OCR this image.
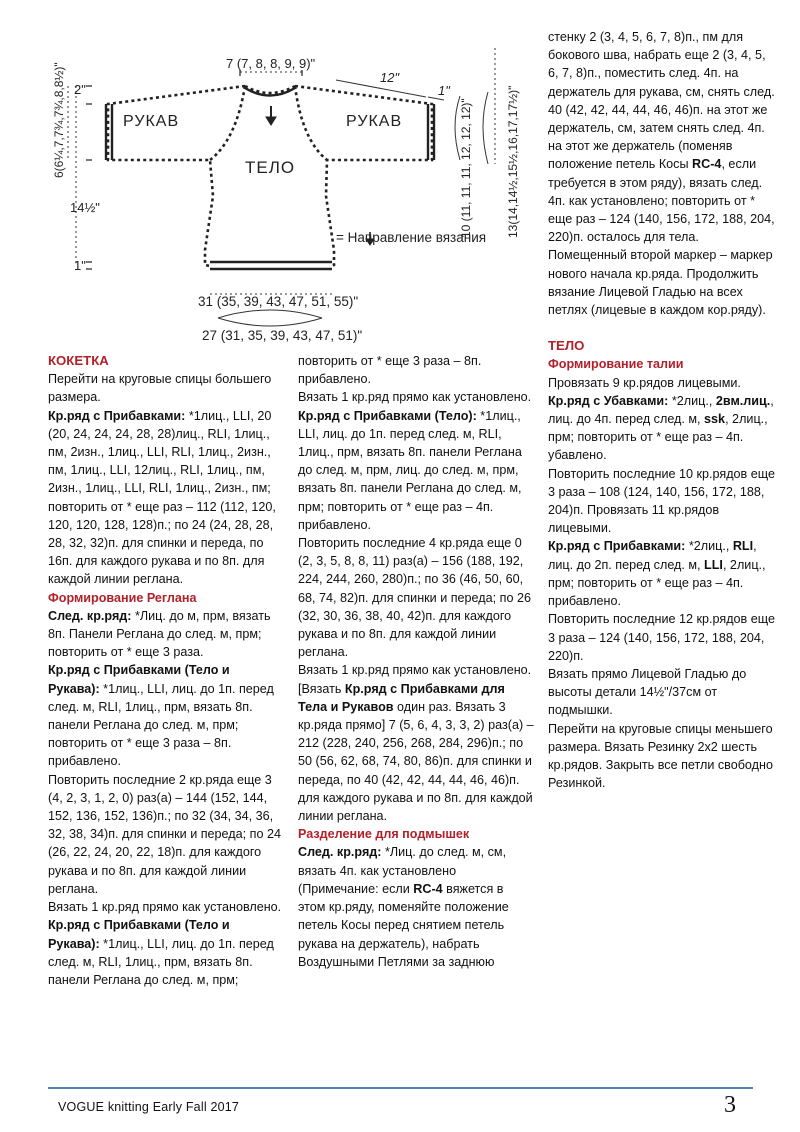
7 (7, 8, 8, 9, 9)"
12"
1"
2"
14½"
1"
6(6¼,7,7¾,7¾,8,8½)"	РУКАВ	РУКАВ
ТЕЛО	10 (11, 11, 11, 12, 12, 12)"	13(14,14½,15½,16,17,17½)"
= Направление вязания
31 (35, 39, 43, 47, 51, 55)"
27 (31, 35, 39, 43, 47, 51)"

КОКЕТКА

Перейти на круговые спицы большего размера.

Кр.ряд с Прибавками: *1лиц., LLI, 20 (20, 24, 24, 24, 28, 28)лиц., RLI, 1лиц., пм, 2изн., 1лиц., LLI, RLI, 1лиц., 2изн., пм, 1лиц., LLI, 12лиц., RLI, 1лиц., пм, 2изн., 1лиц., LLI, RLI, 1лиц., 2изн., пм; повторить от * еще раз – 112 (112, 120, 120, 120, 128, 128)п.; по 24 (24, 28, 28, 28, 32, 32)п. для спинки и переда, по 16п. для каждого рукава и по 8п. для каждой линии реглана.

Формирование Реглана

След. кр.ряд: *Лиц. до м, прм, вязать 8п. Панели Реглана до след. м, прм; повторить от * еще 3 раза.

Кр.ряд с Прибавками (Тело и Рукава): *1лиц., LLI, лиц. до 1п. перед след. м, RLI, 1лиц., прм, вязать 8п. панели Реглана до след. м, прм; повторить от * еще 3 раза – 8п. прибавлено.

Повторить последние 2 кр.ряда еще 3 (4, 2, 3, 1, 2, 0) раз(а) – 144 (152, 144, 152, 136, 152, 136)п.; по 32 (34, 34, 36, 32, 38, 34)п. для спинки и переда; по 24 (26, 22, 24, 20, 22, 18)п. для каждого рукава и по 8п. для каждой линии реглана.

Вязать 1 кр.ряд прямо как установлено.

Кр.ряд с Прибавками (Тело и Рукава): *1лиц., LLI, лиц. до 1п. перед след. м, RLI, 1лиц., прм, вязать 8п. панели Реглана до след. м, прм;

повторить от * еще 3 раза – 8п. прибавлено.

Вязать 1 кр.ряд прямо как установлено.

Кр.ряд с Прибавками (Тело): *1лиц., LLI, лиц. до 1п. перед след. м, RLI, 1лиц., прм, вязать 8п. панели Реглана до след. м, прм, лиц. до след. м, прм, вязать 8п. панели Реглана до след. м, прм; повторить от * еще раз – 4п. прибавлено.

Повторить последние 4 кр.ряда еще 0 (2, 3, 5, 8, 8, 11) раз(а) – 156 (188, 192, 224, 244, 260, 280)п.; по 36 (46, 50, 60, 68, 74, 82)п. для спинки и переда; по 26 (32, 30, 36, 38, 40, 42)п. для каждого рукава и по 8п. для каждой линии реглана.

Вязать 1 кр.ряд прямо как установлено.

[Вязать Кр.ряд с Прибавками для Тела и Рукавов один раз. Вязать 3 кр.ряда прямо] 7 (5, 6, 4, 3, 3, 2) раз(а) – 212 (228, 240, 256, 268, 284, 296)п.; по 50 (56, 62, 68, 74, 80, 86)п. для спинки и переда, по 40 (42, 42, 44, 44, 46, 46)п. для каждого рукава и по 8п. для каждой линии реглана.

Разделение для подмышек

След. кр.ряд: *Лиц. до след. м, см, вязать 4п. как установлено (Примечание: если RC-4 вяжется в этом кр.ряду, поменяйте положение петель Косы перед снятием петель рукава на держатель), набрать Воздушными Петлями за заднюю

стенку 2 (3, 4, 5, 6, 7, 8)п., пм для бокового шва, набрать еще 2 (3, 4, 5, 6, 7, 8)п., поместить след. 4п. на держатель для рукава, см, снять след. 40 (42, 42, 44, 44, 46, 46)п. на этот же держатель, см, затем снять след. 4п. на этот же держатель (поменяв положение петель Косы RC-4, если требуется в этом ряду), вязать след. 4п. как установлено; повторить от * еще раз – 124 (140, 156, 172, 188, 204, 220)п. осталось для тела.

Помещенный второй маркер – маркер нового начала кр.ряда. Продолжить вязание Лицевой Гладью на всех петлях (лицевые в каждом кор.ряду).

ТЕЛО

Формирование талии

Провязать 9 кр.рядов лицевыми.

Кр.ряд с Убавками: *2лиц., 2вм.лиц., лиц. до 4п. перед след. м, ssk, 2лиц., прм; повторить от * еще раз – 4п. убавлено.

Повторить последние 10 кр.рядов еще 3 раза – 108 (124, 140, 156, 172, 188, 204)п. Провязать 11 кр.рядов лицевыми.

Кр.ряд с Прибавками: *2лиц., RLI, лиц. до 2п. перед след. м, LLI, 2лиц., прм; повторить от * еще раз – 4п. прибавлено.

Повторить последние 12 кр.рядов еще 3 раза – 124 (140, 156, 172, 188, 204, 220)п.

Вязать прямо Лицевой Гладью до высоты детали 14½"/37см от подмышки.

Перейти на круговые спицы меньшего размера. Вязать Резинку 2х2 шесть кр.рядов. Закрыть все петли свободно Резинкой.

VOGUE knitting Early Fall 2017	3
